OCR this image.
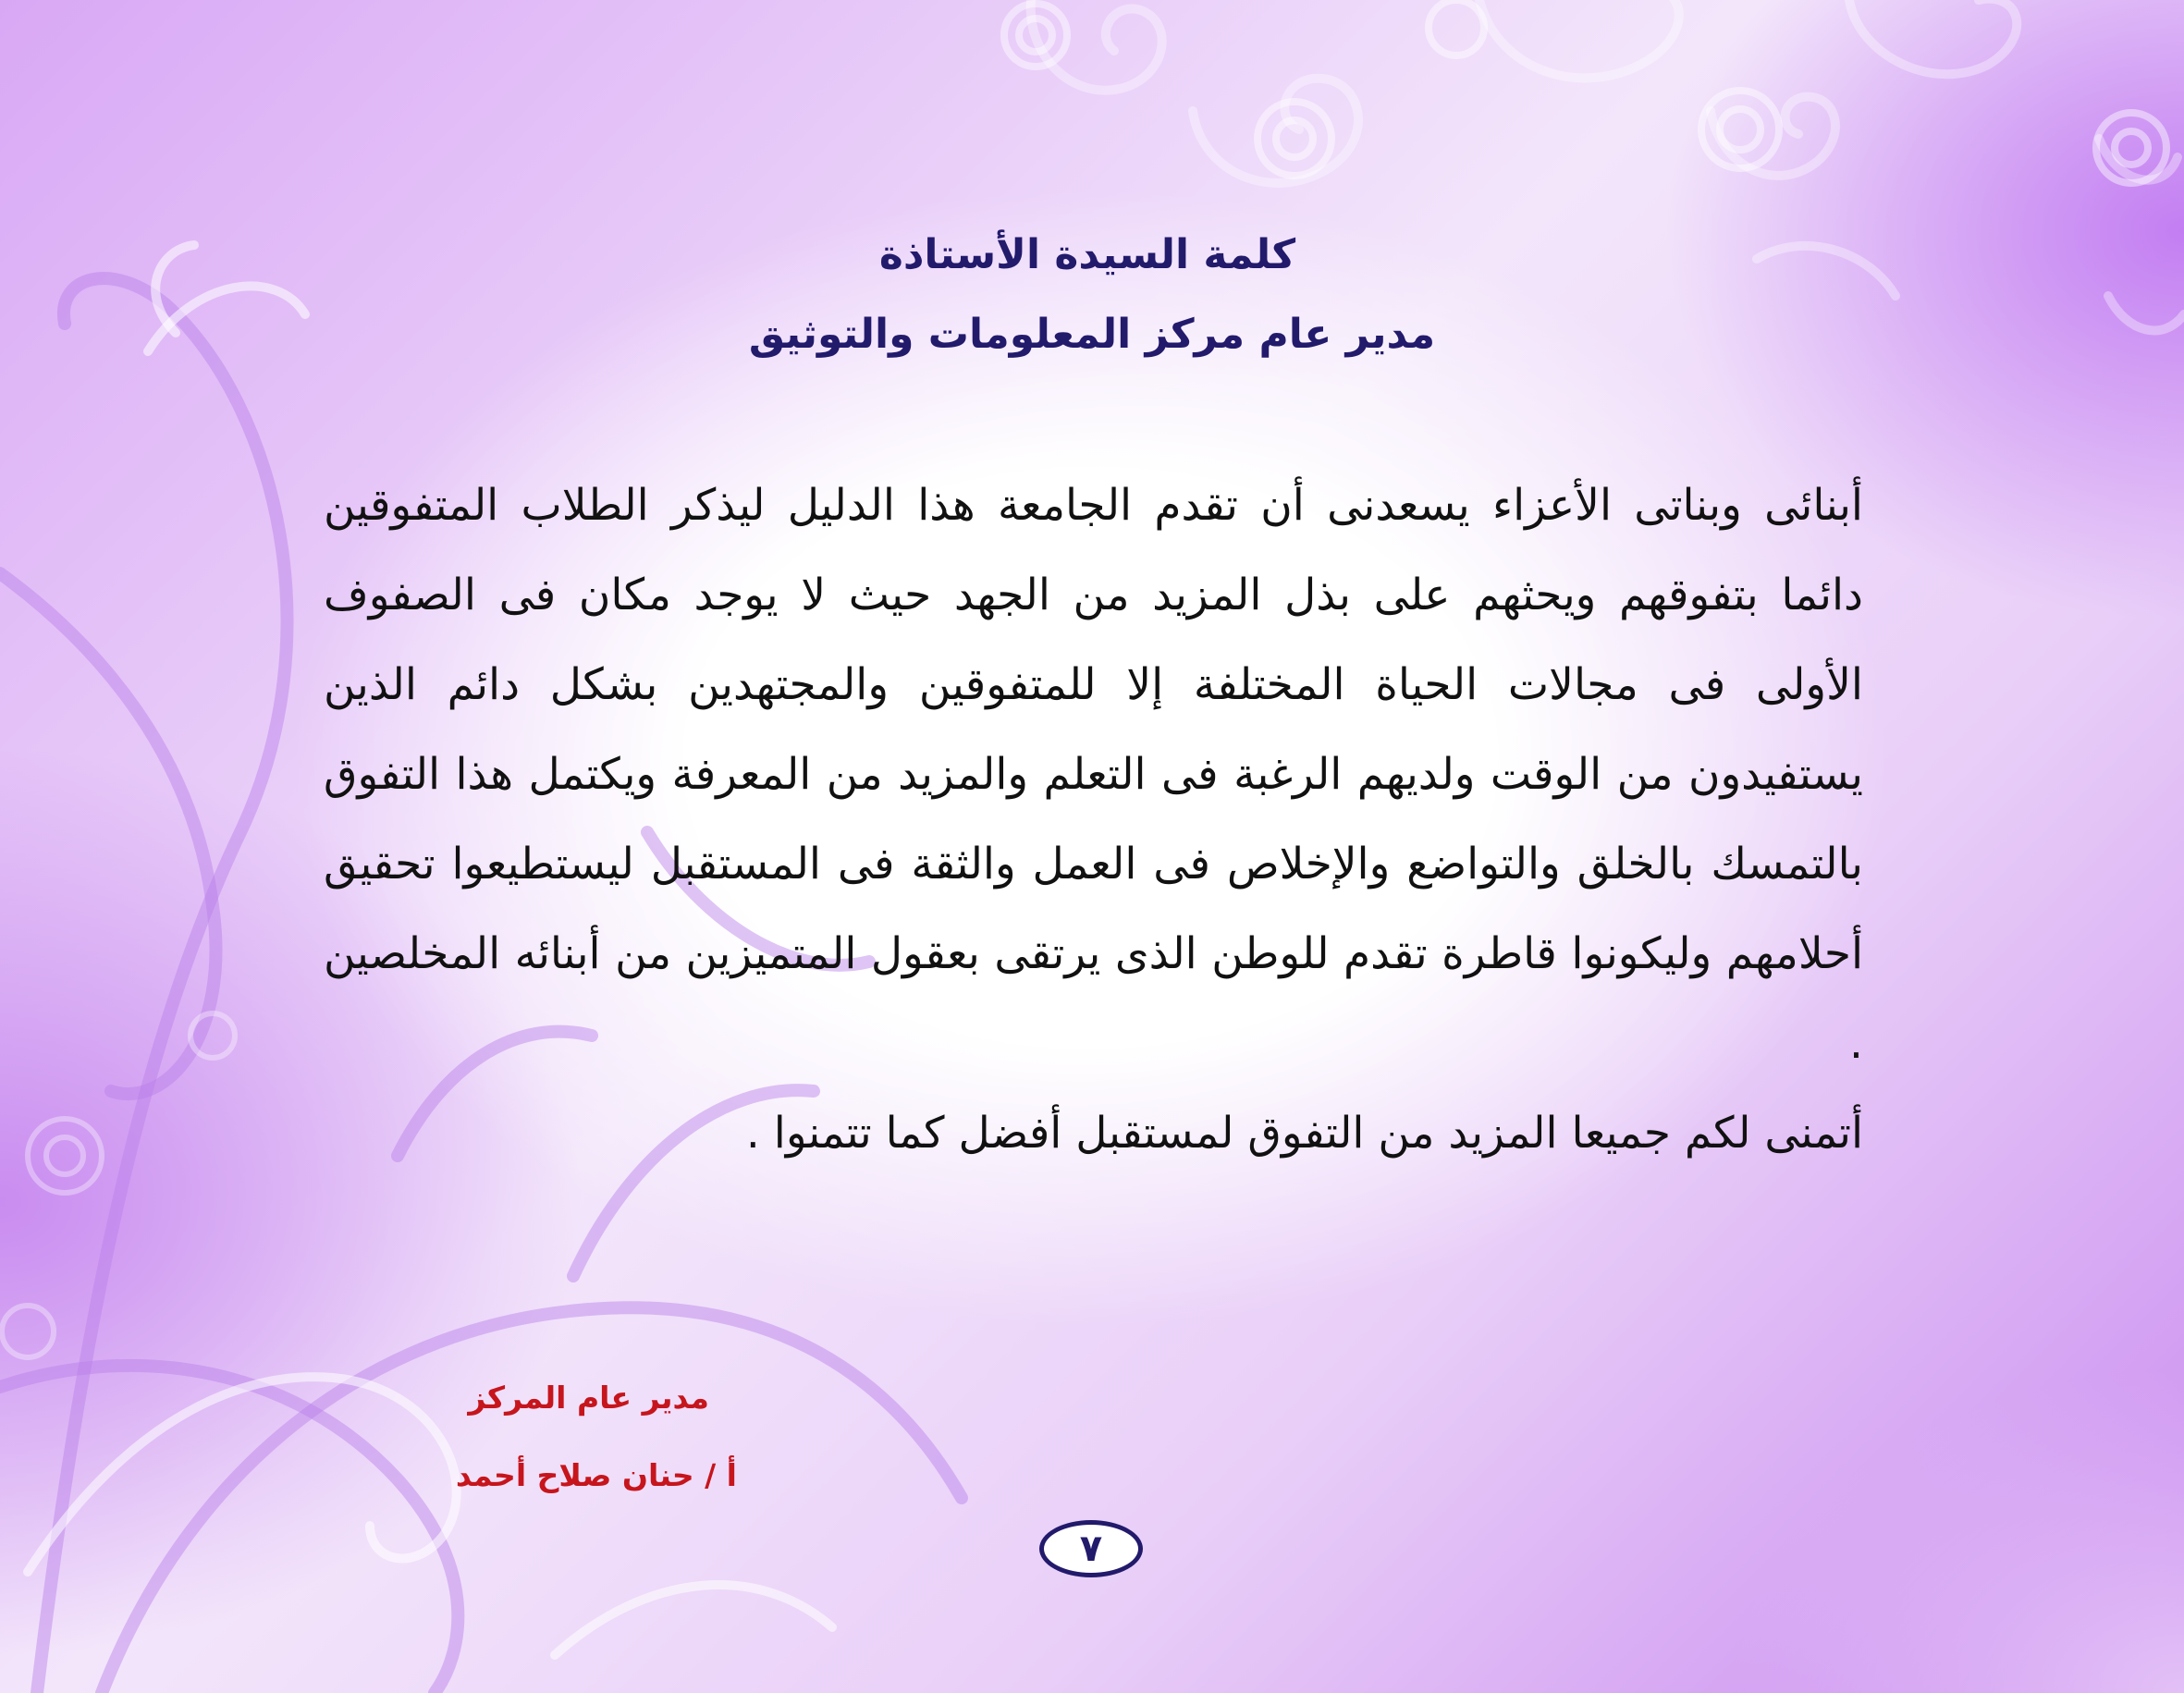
كلمة السيدة الأستاذة
مدير عام مركز المعلومات والتوثيق

أبنائى وبناتى الأعزاء يسعدنى أن تقدم الجامعة هذا الدليل ليذكر الطلاب المتفوقين دائما بتفوقهم ويحثهم على بذل المزيد من الجهد حيث لا يوجد مكان فى الصفوف الأولى فى مجالات الحياة المختلفة إلا للمتفوقين والمجتهدين بشكل دائم الذين يستفيدون من الوقت ولديهم الرغبة فى التعلم والمزيد من المعرفة ويكتمل هذا التفوق بالتمسك بالخلق والتواضع والإخلاص فى العمل والثقة فى المستقبل ليستطيعوا تحقيق أحلامهم وليكونوا قاطرة تقدم للوطن الذى يرتقى بعقول المتميزين من أبنائه المخلصين .

أتمنى لكم جميعا المزيد من التفوق لمستقبل أفضل كما تتمنوا .

مدير عام المركز
أ / حنان صلاح أحمد
٧
